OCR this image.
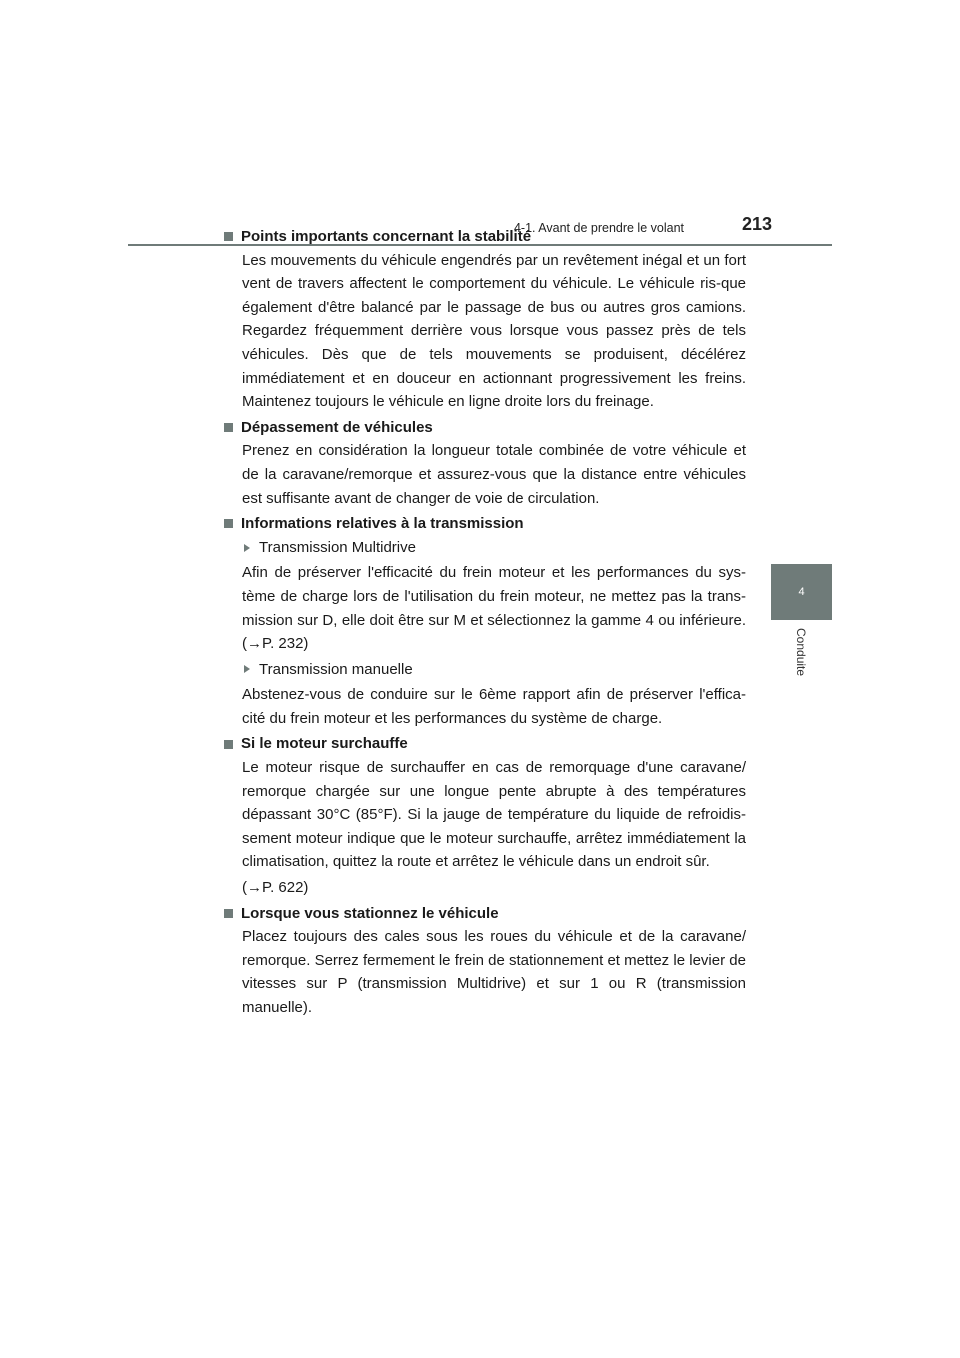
4-1. Avant de prendre le volant	213
4
Conduite
Points importants concernant la stabilité

Les mouvements du véhicule engendrés par un revêtement inégal et un fort vent de travers affectent le comportement du véhicule. Le véhicule ris-que également d'être balancé par le passage de bus ou autres gros camions. Regardez fréquemment derrière vous lorsque vous passez près de tels véhicules. Dès que de tels mouvements se produisent, décélérez immédiatement et en douceur en actionnant progressivement les freins. Maintenez toujours le véhicule en ligne droite lors du freinage.

Dépassement de véhicules

Prenez en considération la longueur totale combinée de votre véhicule et de la caravane/remorque et assurez-vous que la distance entre véhicules est suffisante avant de changer de voie de circulation.

Informations relatives à la transmission
Transmission Multidrive

Afin de préserver l'efficacité du frein moteur et les performances du sys-tème de charge lors de l'utilisation du frein moteur, ne mettez pas la trans-mission sur D, elle doit être sur M et sélectionnez la gamme 4 ou inférieure. (→P. 232)

Transmission manuelle

Abstenez-vous de conduire sur le 6ème rapport afin de préserver l'effica-cité du frein moteur et les performances du système de charge.

Si le moteur surchauffe

Le moteur risque de surchauffer en cas de remorquage d'une caravane/ remorque chargée sur une longue pente abrupte à des températures dépassant 30°C (85°F). Si la jauge de température du liquide de refroidis-sement moteur indique que le moteur surchauffe, arrêtez immédiatement la climatisation, quittez la route et arrêtez le véhicule dans un endroit sûr.

(→P. 622)

Lorsque vous stationnez le véhicule

Placez toujours des cales sous les roues du véhicule et de la caravane/ remorque. Serrez fermement le frein de stationnement et mettez le levier de vitesses sur P (transmission Multidrive) et sur 1 ou R (transmission manuelle).
